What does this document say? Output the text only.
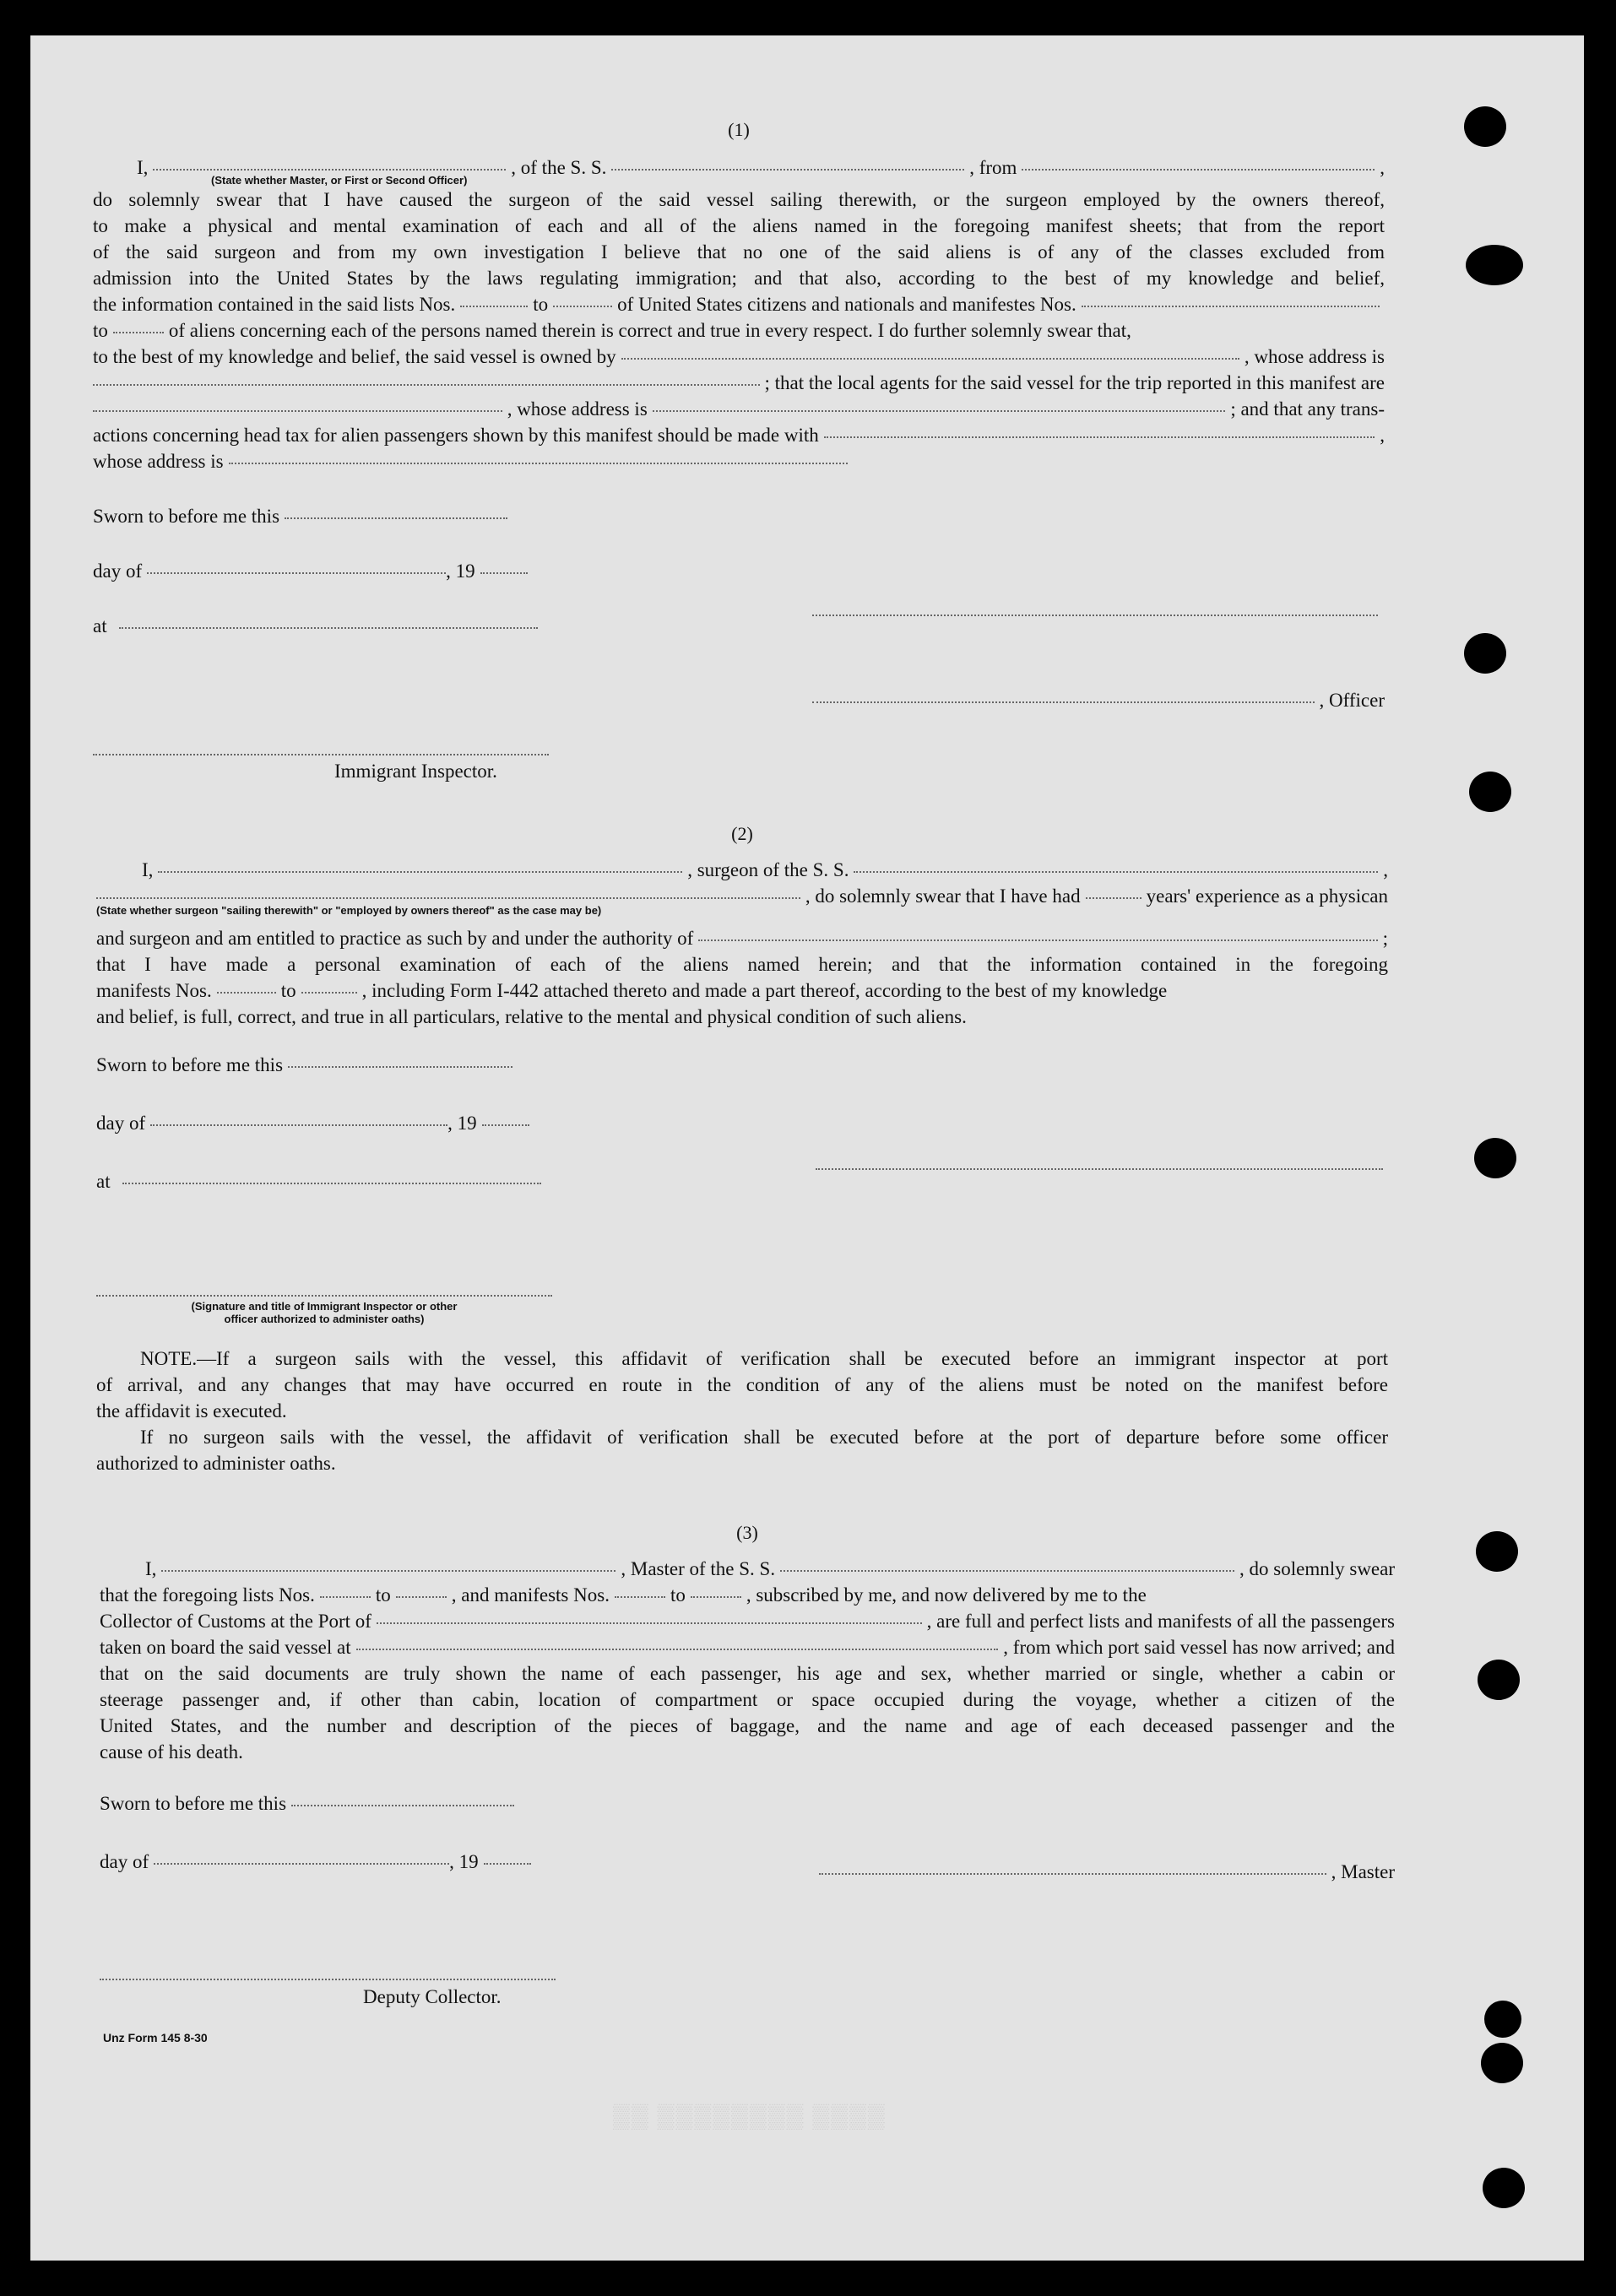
(1)
I,	, of the S. S.	, from	,
(State whether Master, or First or Second Officer)
do solemnly swear that I have caused the surgeon of the said vessel sailing therewith, or the surgeon employed by the owners thereof,
to make a physical and mental examination of each and all of the aliens named in the foregoing manifest sheets; that from the report
of the said surgeon and from my own investigation I believe that no one of the said aliens is of any of the classes excluded from
admission into the United States by the laws regulating immigration; and that also, according to the best of my knowledge and belief,
the information contained in the said lists Nos.	to	of United States citizens and nationals and manifestes Nos.
to	of aliens concerning each of the persons named therein is correct and true in every respect. I do further solemnly swear that,
to the best of my knowledge and belief, the said vessel is owned by	, whose address is
; that the local agents for the said vessel for the trip reported in this manifest are
, whose address is	; and that any trans-
actions concerning head tax for alien passengers shown by this manifest should be made with	,
whose address is
Sworn to before me this
day of	, 19
at
Immigrant Inspector.
, Officer
(2)
I,	, surgeon of the S. S.	,
, do solemnly swear that I have had	years' experience as a physican
(State whether surgeon "sailing therewith" or "employed by owners thereof" as the case may be)
and surgeon and am entitled to practice as such by and under the authority of	;
that I have made a personal examination of each of the aliens named herein; and that the information contained in the foregoing
manifests Nos.	to	, including Form I-442 attached thereto and made a part thereof, according to the best of my knowledge
and belief, is full, correct, and true in all particulars, relative to the mental and physical condition of such aliens.
Sworn to before me this
day of	, 19
at
(Signature and title of Immigrant Inspector or other
officer authorized to administer oaths)
NOTE.—If a surgeon sails with the vessel, this affidavit of verification shall be executed before an immigrant inspector at port
of arrival, and any changes that may have occurred en route in the condition of any of the aliens must be noted on the manifest before
the affidavit is executed.
If no surgeon sails with the vessel, the affidavit of verification shall be executed before at the port of departure before some officer
authorized to administer oaths.
(3)
I,	, Master of the S. S.	, do solemnly swear
that the foregoing lists Nos.	to	, and manifests Nos.	to	, subscribed by me, and now delivered by me to the
Collector of Customs at the Port of	, are full and perfect lists and manifests of all the passengers
taken on board the said vessel at	, from which port said vessel has now arrived; and
that on the said documents are truly shown the name of each passenger, his age and sex, whether married or single, whether a cabin or
steerage passenger and, if other than cabin, location of compartment or space occupied during the voyage, whether a citizen of the
United States, and the number and description of the pieces of baggage, and the name and age of each deceased passenger and the
cause of his death.
Sworn to before me this
day of	, 19
Deputy Collector.
, Master
Unz Form 145 8-30
▒▒ ▒▒▒▒▒▒▒▒ ▒▒▒▒
